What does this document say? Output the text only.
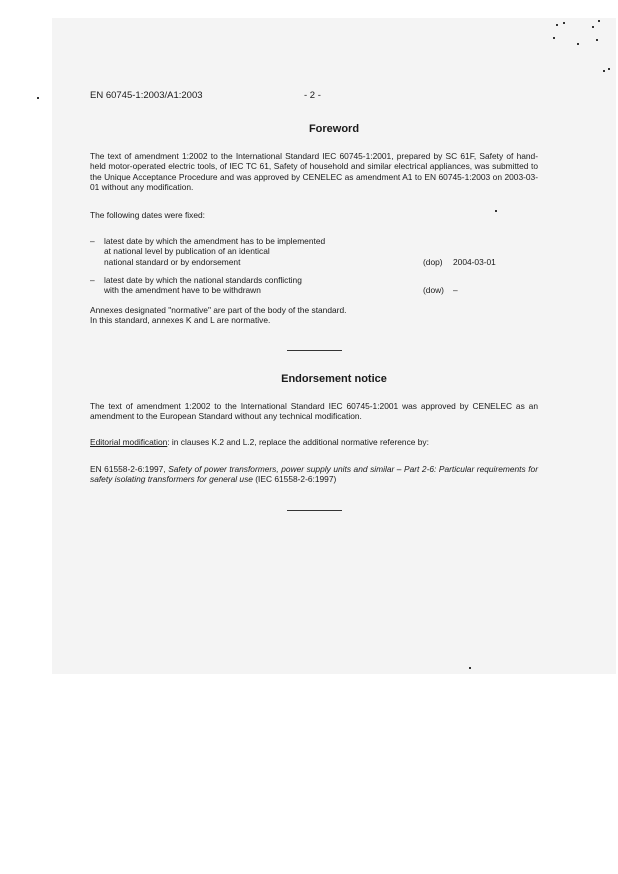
EN 60745-1:2003/A1:2003	- 2 -
Foreword
The text of amendment 1:2002 to the International Standard IEC 60745-1:2001, prepared by SC 61F, Safety of hand-held motor-operated electric tools, of IEC TC 61, Safety of household and similar electrical appliances, was submitted to the Unique Acceptance Procedure and was approved by CENELEC as amendment A1 to EN 60745-1:2003 on 2003-03-01 without any modification.
The following dates were fixed:
– latest date by which the amendment has to be implemented
at national level by publication of an identical
national standard or by endorsement	(dop) 2004-03-01
– latest date by which the national standards conflicting
with the amendment have to be withdrawn	(dow) –
Annexes designated "normative" are part of the body of the standard.
In this standard, annexes K and L are normative.
Endorsement notice
The text of amendment 1:2002 to the International Standard IEC 60745-1:2001 was approved by CENELEC as an amendment to the European Standard without any technical modification.
Editorial modification: in clauses K.2 and L.2, replace the additional normative reference by:
EN 61558-2-6:1997, Safety of power transformers, power supply units and similar – Part 2-6: Particular requirements for safety isolating transformers for general use (IEC 61558-2-6:1997)
